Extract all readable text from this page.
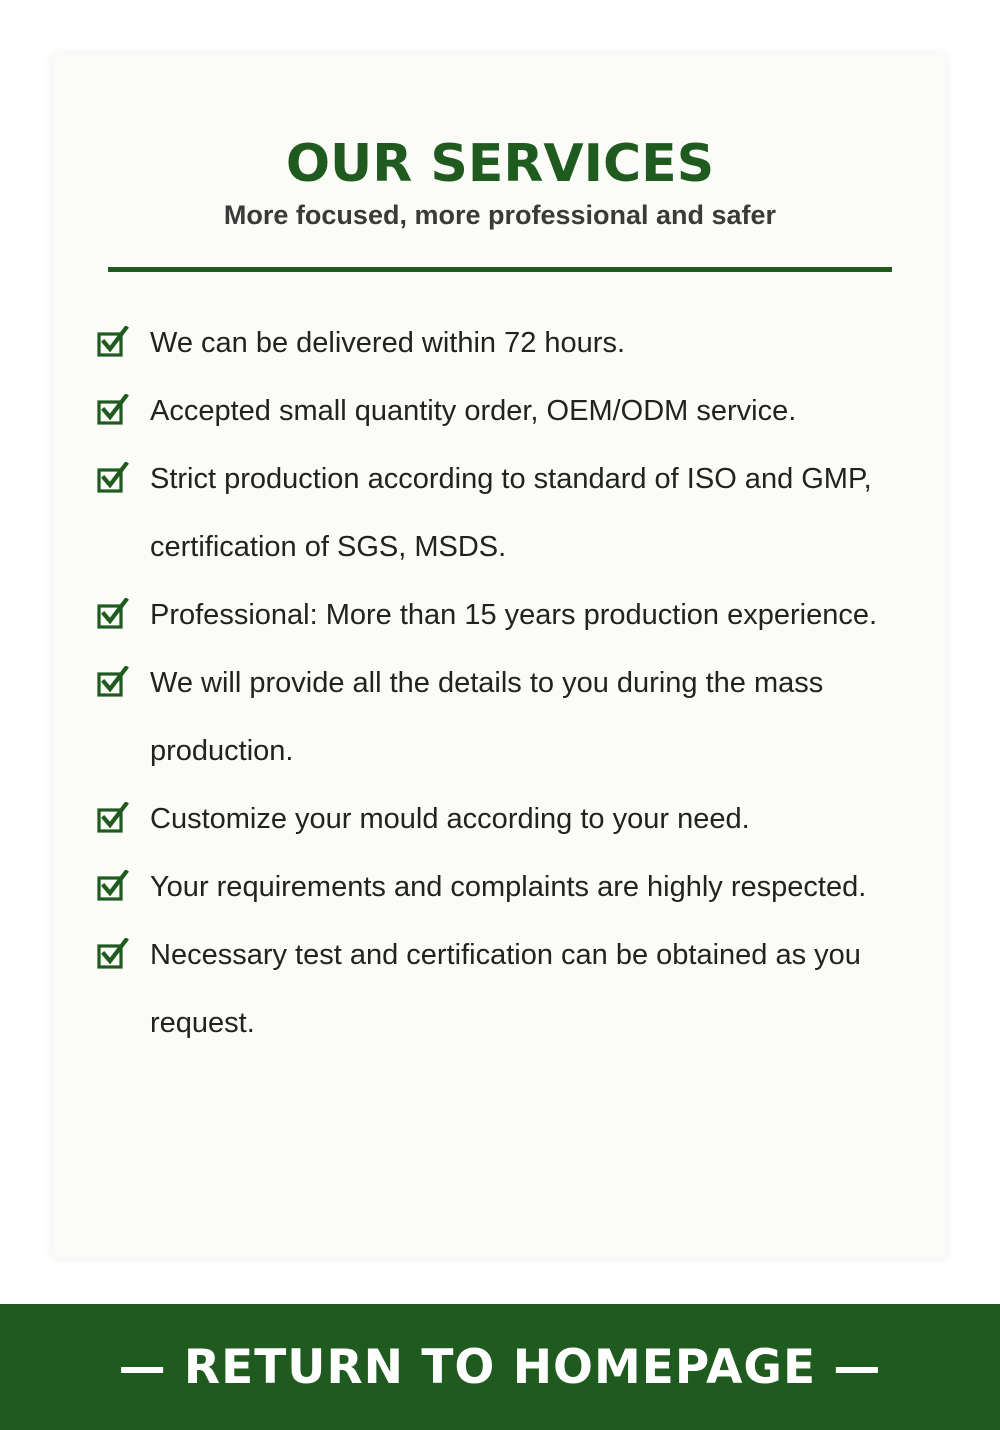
OUR SERVICES

More focused, more professional and safer

We can be delivered within 72 hours.
Accepted small quantity order, OEM/ODM service.
Strict production according to standard of ISO and GMP, certification of SGS, MSDS.
Professional: More than 15 years production experience.
We will provide all the details to you during the mass production.
Customize your mould according to your need.
Your requirements and complaints are highly respected.
Necessary test and certification can be obtained as you request.
— RETURN TO HOMEPAGE —
